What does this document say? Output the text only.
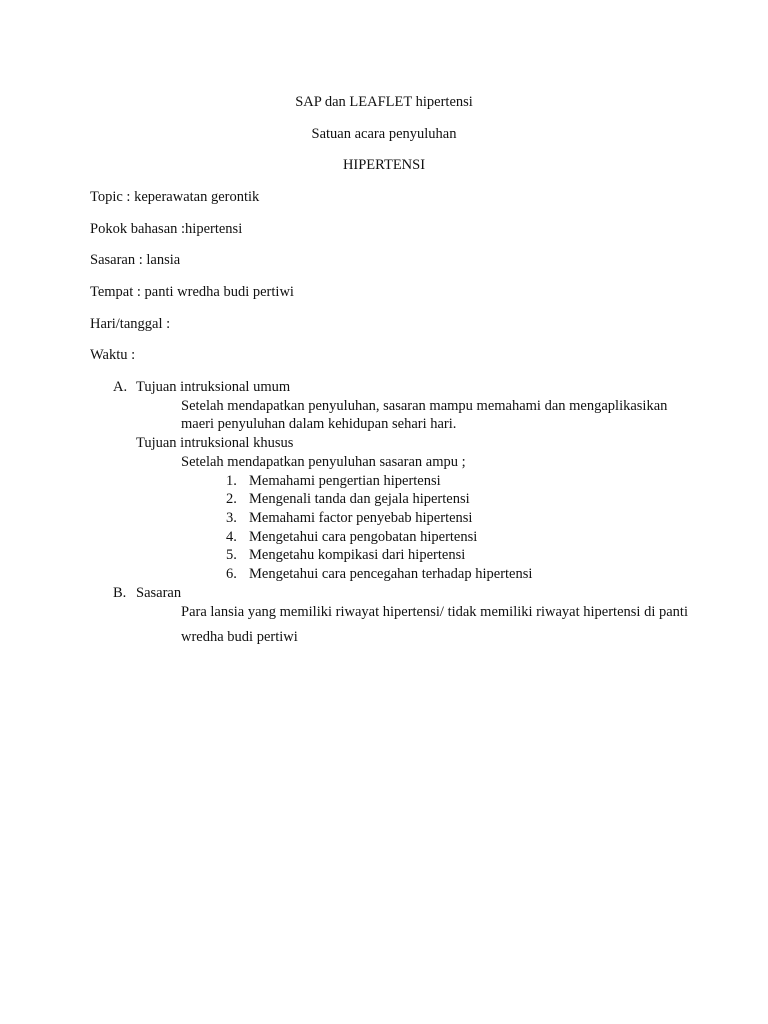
SAP dan LEAFLET hipertensi
Satuan acara penyuluhan
HIPERTENSI
Topic : keperawatan gerontik
Pokok bahasan :hipertensi
Sasaran : lansia
Tempat : panti wredha budi pertiwi
Hari/tanggal :
Waktu :
A. Tujuan intruksional umum
Setelah mendapatkan penyuluhan, sasaran mampu memahami dan mengaplikasikan
maeri penyuluhan dalam kehidupan sehari hari.
Tujuan intruksional khusus
Setelah mendapatkan penyuluhan sasaran ampu ;
1. Memahami pengertian hipertensi
2. Mengenali tanda dan gejala hipertensi
3. Memahami factor penyebab hipertensi
4. Mengetahui cara pengobatan hipertensi
5. Mengetahu kompikasi dari hipertensi
6. Mengetahui cara pencegahan terhadap hipertensi
B. Sasaran
Para lansia yang memiliki riwayat hipertensi/ tidak memiliki riwayat hipertensi di panti
wredha budi pertiwi
